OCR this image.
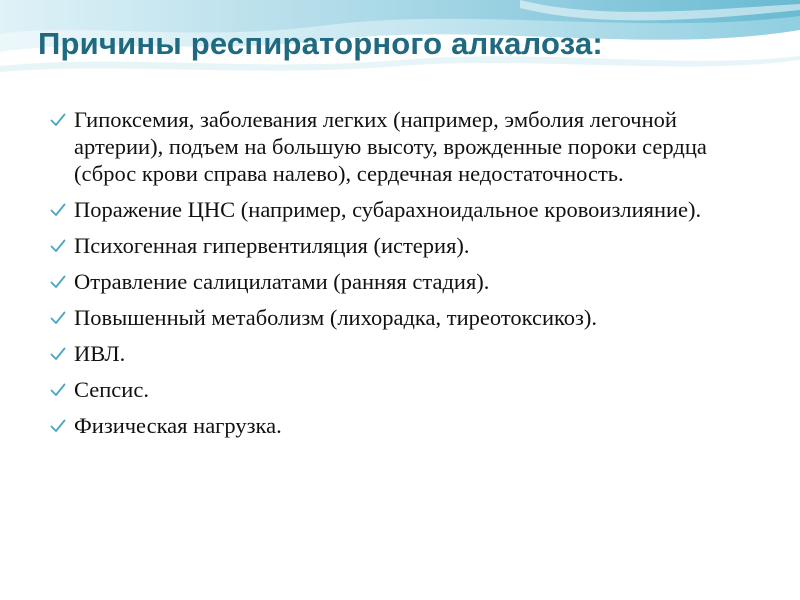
Причины респираторного алкалоза:
Гипоксемия, заболевания легких (например, эмболия легочной артерии), подъем на большую высоту, врожденные пороки сердца (сброс крови справа налево), сердечная недостаточность.
Поражение ЦНС (например, субарахноидальное кровоизлияние).
Психогенная гипервентиляция (истерия).
Отравление салицилатами (ранняя стадия).
Повышенный метаболизм (лихорадка, тиреотоксикоз).
ИВЛ.
Сепсис.
Физическая нагрузка.
